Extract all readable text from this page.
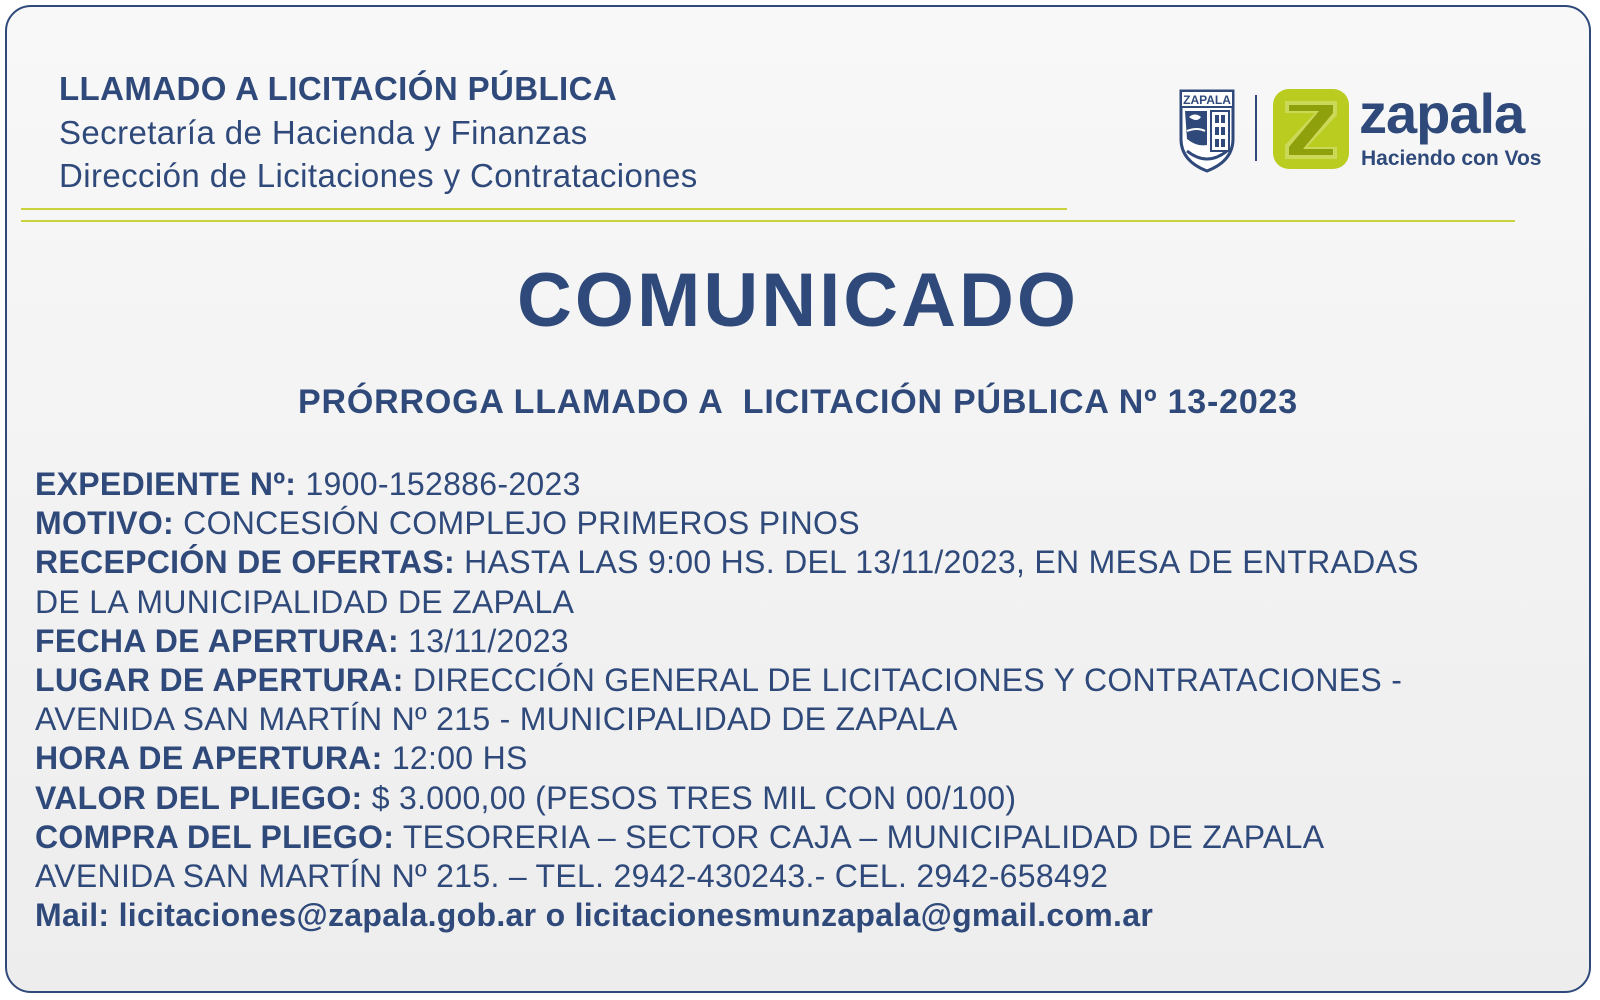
LLAMADO A LICITACIÓN PÚBLICA
Secretaría de Hacienda y Finanzas
Dirección de Licitaciones y Contrataciones
ZAPALA zapala
Haciendo con Vos
COMUNICADO
PRÓRROGA LLAMADO A  LICITACIÓN PÚBLICA Nº 13-2023
EXPEDIENTE Nº: 1900-152886-2023
MOTIVO: CONCESIÓN COMPLEJO PRIMEROS PINOS
RECEPCIÓN DE OFERTAS: HASTA LAS 9:00 HS. DEL 13/11/2023, EN MESA DE ENTRADAS
DE LA MUNICIPALIDAD DE ZAPALA
FECHA DE APERTURA: 13/11/2023
LUGAR DE APERTURA: DIRECCIÓN GENERAL DE LICITACIONES Y CONTRATACIONES -
AVENIDA SAN MARTÍN Nº 215 - MUNICIPALIDAD DE ZAPALA
HORA DE APERTURA: 12:00 HS
VALOR DEL PLIEGO: $ 3.000,00 (PESOS TRES MIL CON 00/100)
COMPRA DEL PLIEGO: TESORERIA – SECTOR CAJA – MUNICIPALIDAD DE ZAPALA
AVENIDA SAN MARTÍN Nº 215. – TEL. 2942-430243.- CEL. 2942-658492
Mail: licitaciones@zapala.gob.ar o licitacionesmunzapala@gmail.com.ar
